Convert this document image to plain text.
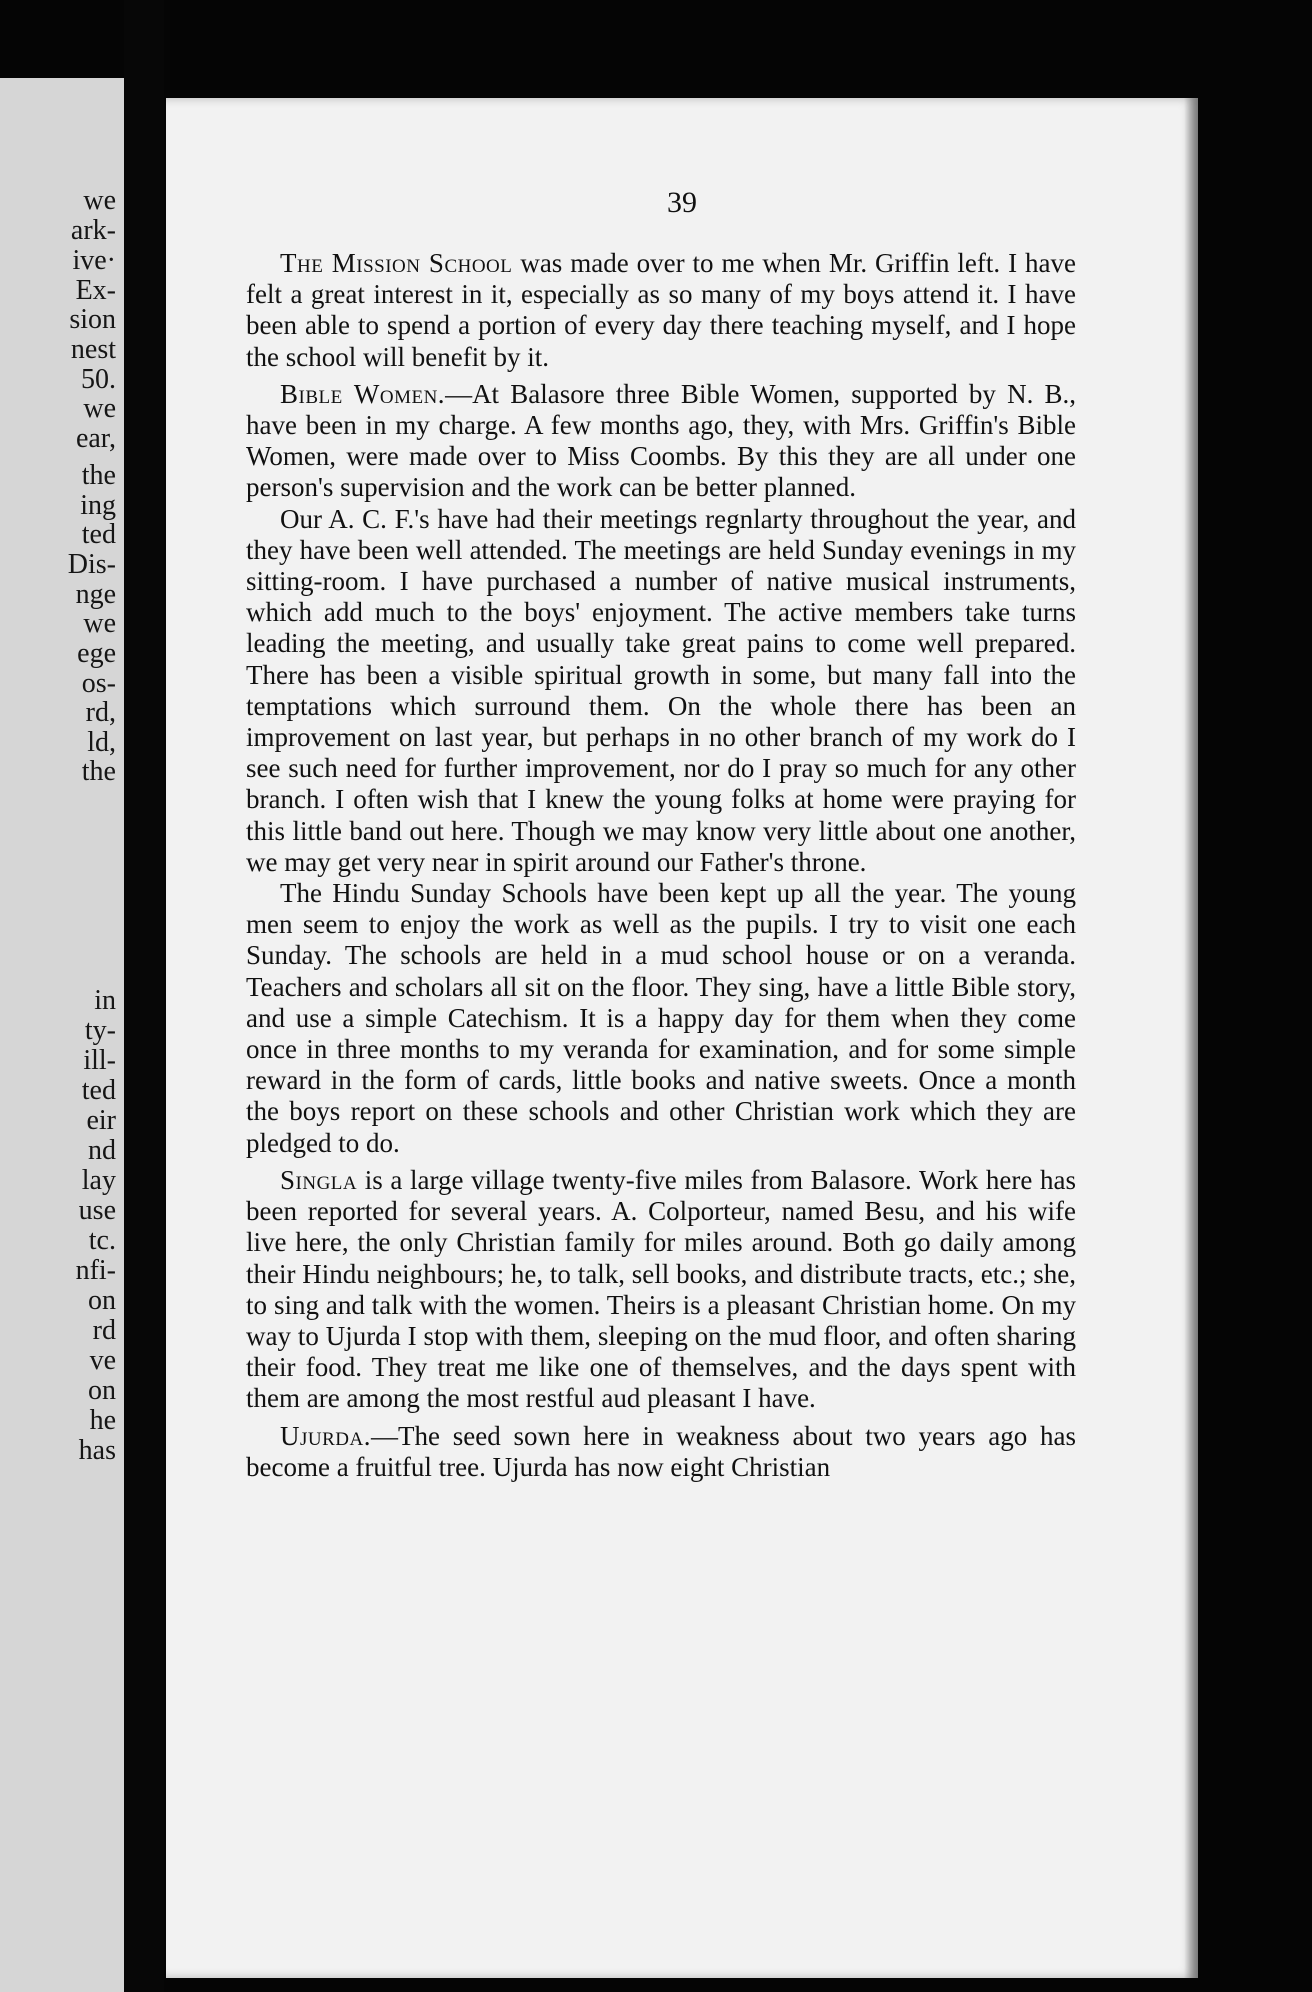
we
ark-
ive·
Ex-
sion
nest
50.
we
ear,
the
ing
ted
Dis-
nge
we
ege
os-
rd,
ld,
the
in
ty-
ill-
ted
eir
nd
lay
use
tc.
nfi-
on
rd
ve
on
he
has
39

The Mission School was made over to me when Mr. Griffin left. I have felt a great interest in it, especially as so many of my boys attend it. I have been able to spend a portion of every day there teaching myself, and I hope the school will benefit by it.

Bible Women.—At Balasore three Bible Women, supported by N. B., have been in my charge. A few months ago, they, with Mrs. Griffin's Bible Women, were made over to Miss Coombs. By this they are all under one person's supervision and the work can be better planned.

Our A. C. F.'s have had their meetings regnlarty throughout the year, and they have been well attended. The meetings are held Sunday evenings in my sitting-room. I have purchased a number of native musical instruments, which add much to the boys' enjoyment. The active members take turns leading the meeting, and usually take great pains to come well prepared. There has been a visible spiritual growth in some, but many fall into the temptations which surround them. On the whole there has been an improvement on last year, but perhaps in no other branch of my work do I see such need for further improvement, nor do I pray so much for any other branch. I often wish that I knew the young folks at home were praying for this little band out here. Though we may know very little about one another, we may get very near in spirit around our Father's throne.

The Hindu Sunday Schools have been kept up all the year. The young men seem to enjoy the work as well as the pupils. I try to visit one each Sunday. The schools are held in a mud school house or on a veranda. Teachers and scholars all sit on the floor. They sing, have a little Bible story, and use a simple Catechism. It is a happy day for them when they come once in three months to my veranda for examination, and for some simple reward in the form of cards, little books and native sweets. Once a month the boys report on these schools and other Christian work which they are pledged to do.

Singla is a large village twenty-five miles from Balasore. Work here has been reported for several years. A. Colporteur, named Besu, and his wife live here, the only Christian family for miles around. Both go daily among their Hindu neighbours; he, to talk, sell books, and distribute tracts, etc.; she, to sing and talk with the women. Theirs is a pleasant Christian home. On my way to Ujurda I stop with them, sleeping on the mud floor, and often sharing their food. They treat me like one of themselves, and the days spent with them are among the most restful aud pleasant I have.

Ujurda.—The seed sown here in weakness about two years ago has become a fruitful tree. Ujurda has now eight Christian
